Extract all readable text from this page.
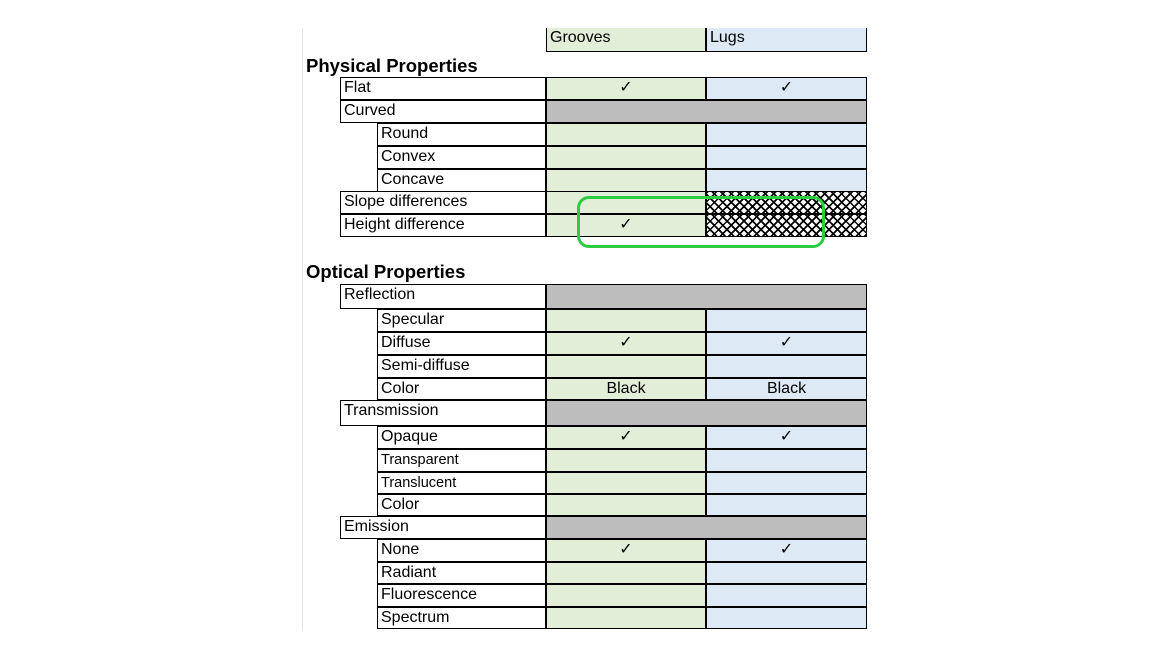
Grooves	Lugs
Physical Properties
Flat	✓	✓
Curved
Round
Convex
Concave
Slope differences
Height difference	✓
Optical Properties
Reflection
Specular
Diffuse	✓	✓
Semi-diffuse
Color	Black	Black
Transmission
Opaque	✓	✓
Transparent
Translucent
Color
Emission
None	✓	✓
Radiant
Fluorescence
Spectrum
